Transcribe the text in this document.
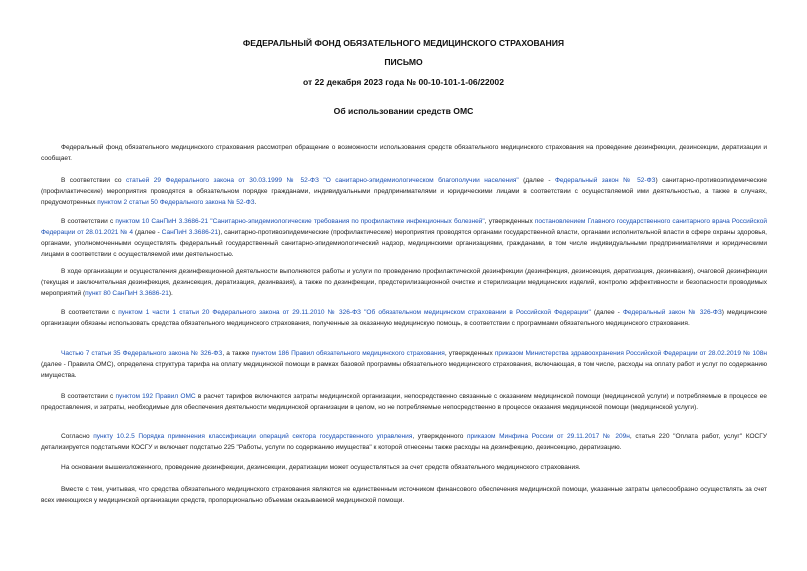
ФЕДЕРАЛЬНЫЙ ФОНД ОБЯЗАТЕЛЬНОГО МЕДИЦИНСКОГО СТРАХОВАНИЯ
ПИСЬМО
от 22 декабря 2023 года № 00-10-101-1-06/22002
Об использовании средств ОМС

Федеральный фонд обязательного медицинского страхования рассмотрел обращение о возможности использования средств обязательного медицинского страхования на проведение дезинфекции, дезинсекции, дератизации и сообщает.

В соответствии со статьей 29 Федерального закона от 30.03.1999 № 52-ФЗ "О санитарно-эпидемиологическом благополучии населения" (далее - Федеральный закон № 52-ФЗ) санитарно-противоэпидемические (профилактические) мероприятия проводятся в обязательном порядке гражданами, индивидуальными предпринимателями и юридическими лицами в соответствии с осуществляемой ими деятельностью, а также в случаях, предусмотренных пунктом 2 статьи 50 Федерального закона № 52-ФЗ.

В соответствии с пунктом 10 СанПиН 3.3686-21 "Санитарно-эпидемиологические требования по профилактике инфекционных болезней", утвержденных постановлением Главного государственного санитарного врача Российской Федерации от 28.01.2021 № 4 (далее - СанПиН 3.3686-21), санитарно-противоэпидемические (профилактические) мероприятия проводятся органами государственной власти, органами исполнительной власти в сфере охраны здоровья, органами, уполномоченными осуществлять федеральный государственный санитарно-эпидемиологический надзор, медицинскими организациями, гражданами, в том числе индивидуальными предпринимателями и юридическими лицами в соответствии с осуществляемой ими деятельностью.

В ходе организации и осуществления дезинфекционной деятельности выполняются работы и услуги по проведению профилактической дезинфекции (дезинфекция, дезинсекция, дератизация, дезинвазия), очаговой дезинфекции (текущая и заключительная дезинфекция, дезинсекция, дератизация, дезинвазия), а также по дезинфекции, предстерилизационной очистке и стерилизации медицинских изделий, контролю эффективности и безопасности проводимых мероприятий (пункт 80 СанПиН 3.3686-21).

В соответствии с пунктом 1 части 1 статьи 20 Федерального закона от 29.11.2010 № 326-ФЗ "Об обязательном медицинском страховании в Российской Федерации" (далее - Федеральный закон № 326-ФЗ) медицинские организации обязаны использовать средства обязательного медицинского страхования, полученные за оказанную медицинскую помощь, в соответствии с программами обязательного медицинского страхования.

Частью 7 статьи 35 Федерального закона № 326-ФЗ, а также пунктом 186 Правил обязательного медицинского страхования, утвержденных приказом Министерства здравоохранения Российской Федерации от 28.02.2019 № 108н (далее - Правила ОМС), определена структура тарифа на оплату медицинской помощи в рамках базовой программы обязательного медицинского страхования, включающая, в том числе, расходы на оплату работ и услуг по содержанию имущества.

В соответствии с пунктом 192 Правил ОМС в расчет тарифов включаются затраты медицинской организации, непосредственно связанные с оказанием медицинской помощи (медицинской услуги) и потребляемые в процессе ее предоставления, и затраты, необходимые для обеспечения деятельности медицинской организации в целом, но не потребляемые непосредственно в процессе оказания медицинской помощи (медицинской услуги).

Согласно пункту 10.2.5 Порядка применения классификации операций сектора государственного управления, утвержденного приказом Минфина России от 29.11.2017 № 209н, статья 220 "Оплата работ, услуг" КОСГУ детализируется подстатьями КОСГУ и включает подстатью 225 "Работы, услуги по содержанию имущества" к которой отнесены также расходы на дезинфекцию, дезинсекцию, дератизацию.

На основании вышеизложенного, проведение дезинфекции, дезинсекции, дератизации может осуществляться за счет средств обязательного медицинского страхования.

Вместе с тем, учитывая, что средства обязательного медицинского страхования являются не единственным источником финансового обеспечения медицинской помощи, указанные затраты целесообразно осуществлять за счет всех имеющихся у медицинской организации средств, пропорционально объемам оказываемой медицинской помощи.
